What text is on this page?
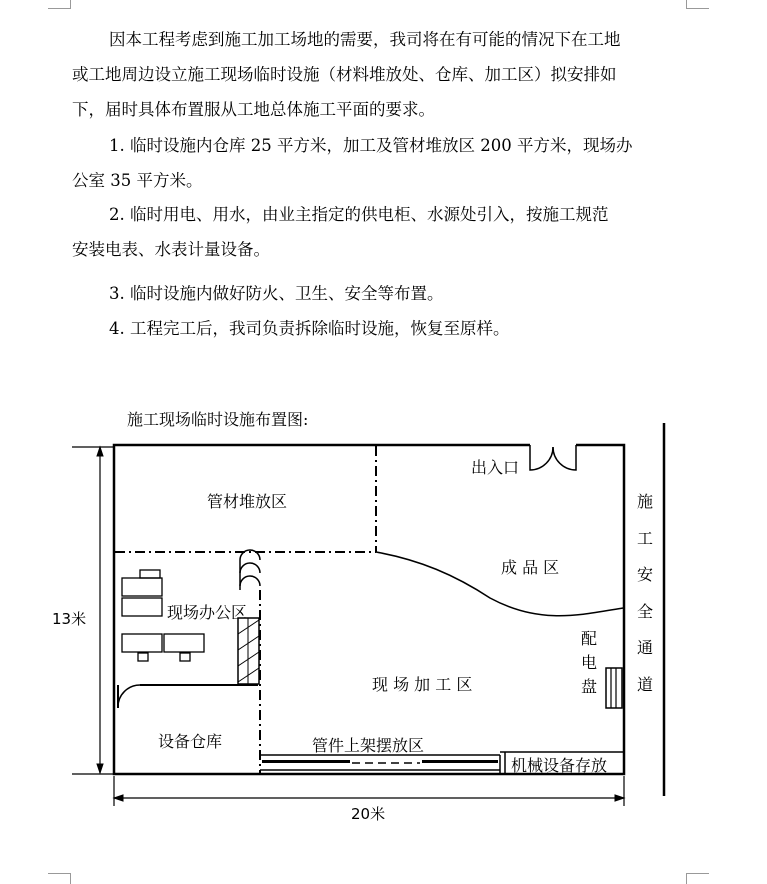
因本工程考虑到施工加工场地的需要，我司将在有可能的情况下在工地
或工地周边设立施工现场临时设施（材料堆放处、仓库、加工区）拟安排如
下，届时具体布置服从工地总体施工平面的要求。

1. 临时设施内仓库 25 平方米，加工及管材堆放区 200 平方米，现场办
公室 35 平方米。

2. 临时用电、用水，由业主指定的供电柜、水源处引入，按施工规范
安装电表、水表计量设备。

3. 临时设施内做好防火、卫生、安全等布置。

4. 工程完工后，我司负责拆除临时设施，恢复至原样。

施工现场临时设施布置图:
管材堆放区
出入口
成 品 区
现场办公区
配
电
盘
现 场 加 工 区
设备仓库	管件上架摆放区
机械设备存放
施
工
安
全
通
道
13米
20米
